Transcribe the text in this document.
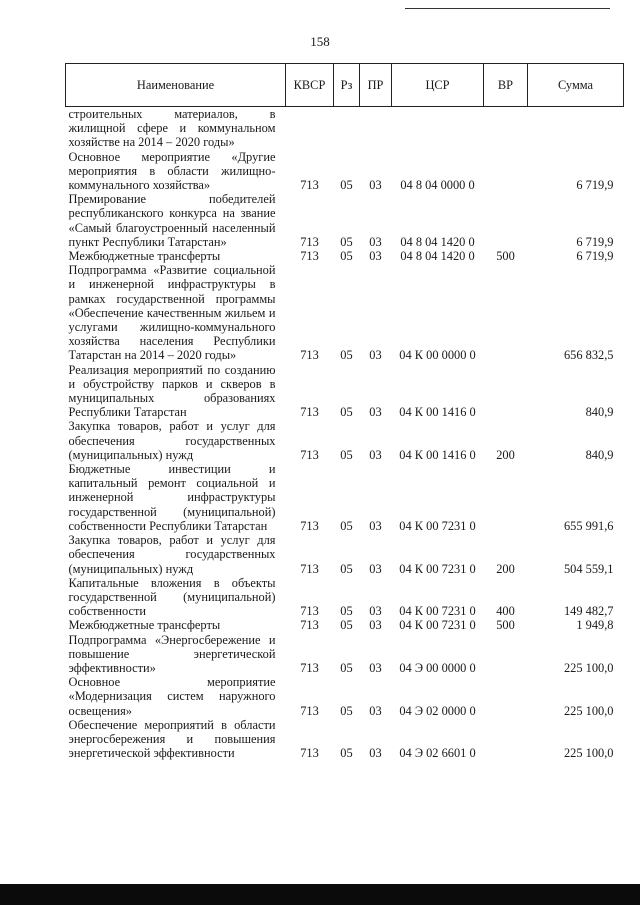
158
Наименование	КВСР	Рз	ПР	ЦСР	ВР	Сумма
строительных материалов, в жилищной сфере и коммунальном хозяйстве на 2014 – 2020 годы»						
Основное мероприятие «Другие мероприятия в области жилищно-коммунального хозяйства»	713	05	03	04 8 04 0000 0		6 719,9
Премирование победителей республиканского конкурса на звание «Самый благоустроенный населенный пункт Республики Татарстан»	713	05	03	04 8 04 1420 0		6 719,9
Межбюджетные трансферты	713	05	03	04 8 04 1420 0	500	6 719,9
Подпрограмма «Развитие социальной и инженерной инфраструктуры в рамках государственной программы «Обеспечение качественным жильем и услугами жилищно-коммунального хозяйства населения Республики Татарстан на 2014 – 2020 годы»	713	05	03	04 К 00 0000 0		656 832,5
Реализация мероприятий по созданию и обустройству парков и скверов в муниципальных образованиях Республики Татарстан	713	05	03	04 К 00 1416 0		840,9
Закупка товаров, работ и услуг для обеспечения государственных (муниципальных) нужд	713	05	03	04 К 00 1416 0	200	840,9
Бюджетные инвестиции и капитальный ремонт социальной и инженерной инфраструктуры государственной (муниципальной) собственности Республики Татарстан	713	05	03	04 К 00 7231 0		655 991,6
Закупка товаров, работ и услуг для обеспечения государственных (муниципальных) нужд	713	05	03	04 К 00 7231 0	200	504 559,1
Капитальные вложения в объекты государственной (муниципальной) собственности	713	05	03	04 К 00 7231 0	400	149 482,7
Межбюджетные трансферты	713	05	03	04 К 00 7231 0	500	1 949,8
Подпрограмма «Энергосбережение и повышение энергетической эффективности»	713	05	03	04 Э 00 0000 0		225 100,0
Основное мероприятие «Модернизация систем наружного освещения»	713	05	03	04 Э 02 0000 0		225 100,0
Обеспечение мероприятий в области энергосбережения и повышения энергетической эффективности	713	05	03	04 Э 02 6601 0		225 100,0
